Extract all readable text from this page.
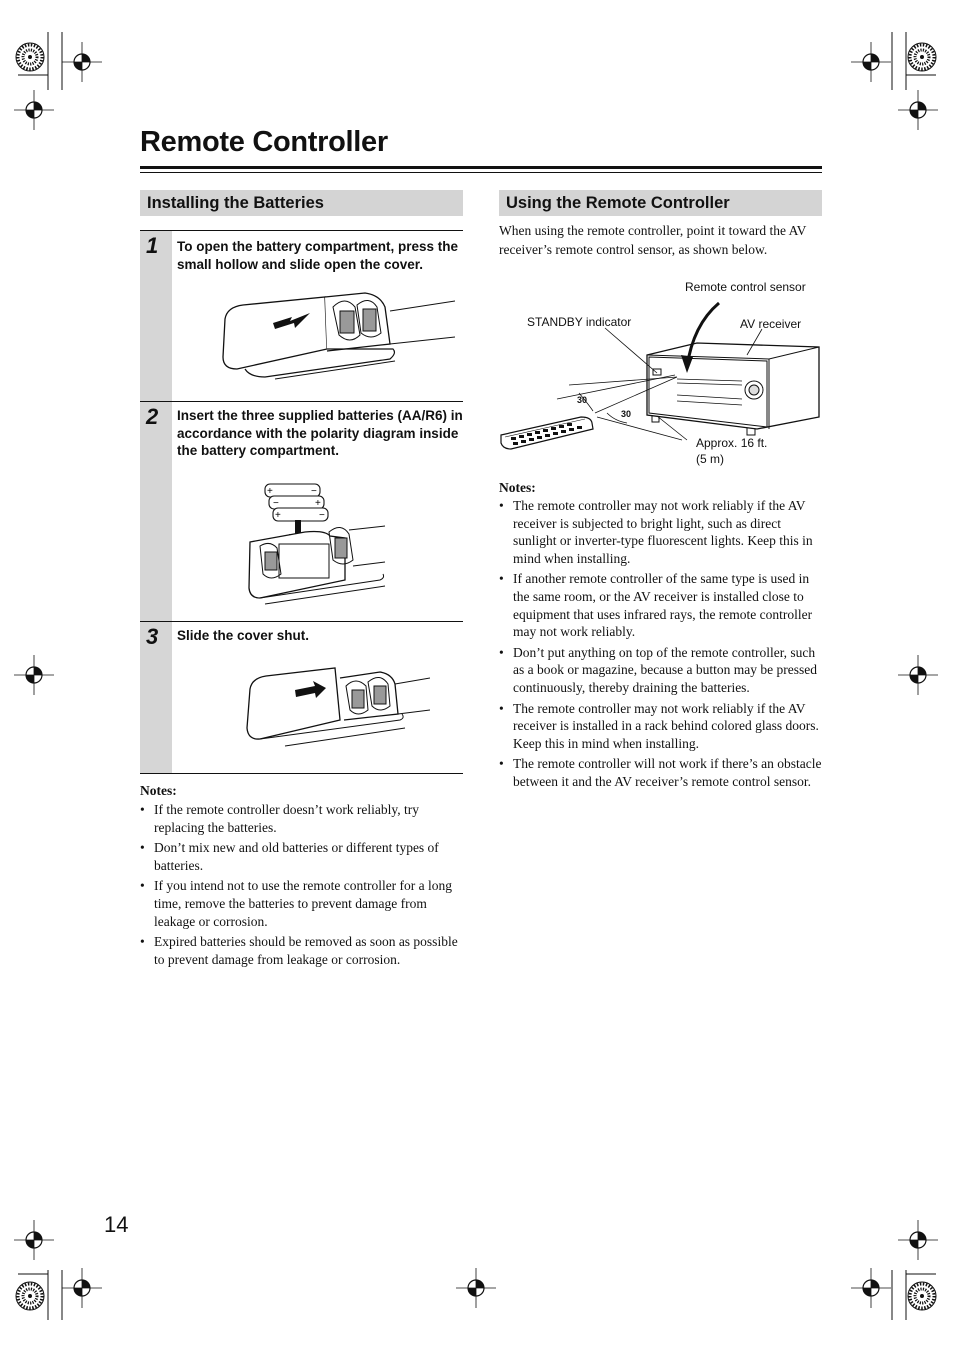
Remote Controller
Installing the Batteries
1 To open the battery compartment, press the small hollow and slide open the cover.
2 Insert the three supplied batteries (AA/R6) in accordance with the polarity diagram inside the battery compartment.
+	−
+
−
+	−
3 Slide the cover shut.
Notes:
• If the remote controller doesn’t work reliably, try replacing the batteries.
• Don’t mix new and old batteries or different types of batteries.
• If you intend not to use the remote controller for a long time, remove the batteries to prevent damage from leakage or corrosion.
• Expired batteries should be removed as soon as possible to prevent damage from leakage or corrosion.
Using the Remote Controller
When using the remote controller, point it toward the AV receiver’s remote control sensor, as shown below.
Remote control sensor
STANDBY indicator	AV receiver
30
30
Approx. 16 ft.
(5 m)
Notes:
• The remote controller may not work reliably if the AV receiver is subjected to bright light, such as direct sunlight or inverter-type fluorescent lights. Keep this in mind when installing.
• If another remote controller of the same type is used in the same room, or the AV receiver is installed close to equipment that uses infrared rays, the remote controller may not work reliably.
• Don’t put anything on top of the remote controller, such as a book or magazine, because a button may be pressed continuously, thereby draining the batteries.
• The remote controller may not work reliably if the AV receiver is installed in a rack behind colored glass doors. Keep this in mind when installing.
• The remote controller will not work if there’s an obstacle between it and the AV receiver’s remote control sensor.
14
